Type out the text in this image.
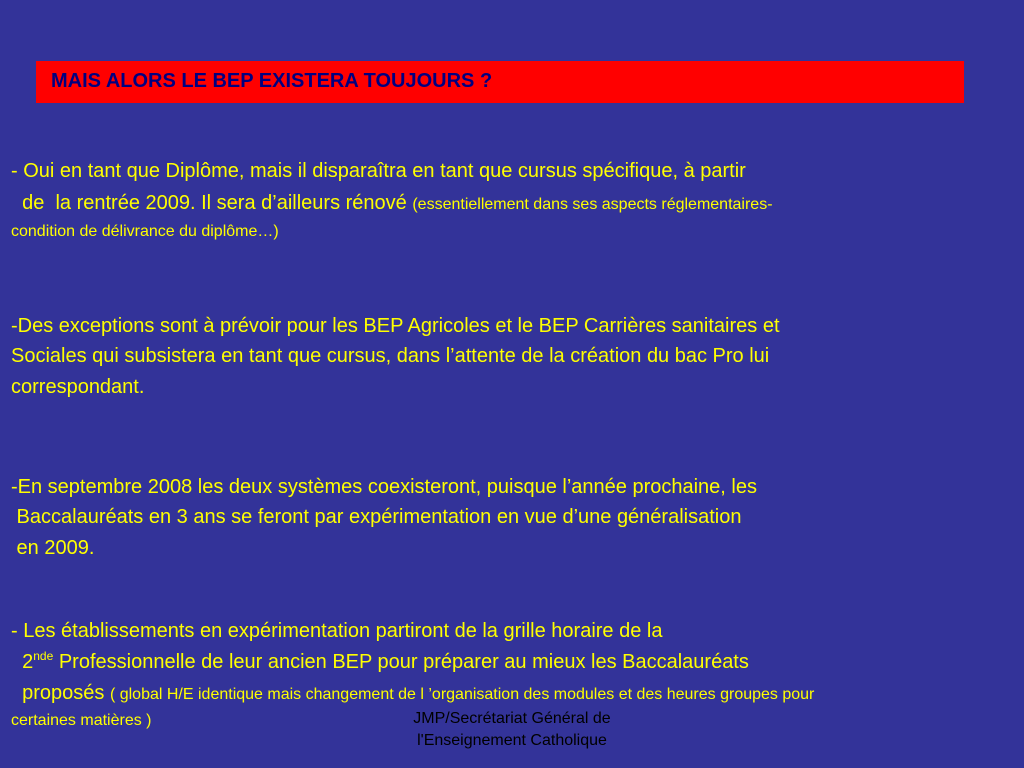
MAIS ALORS LE BEP EXISTERA TOUJOURS ?
- Oui en tant que Diplôme, mais il disparaîtra en tant que cursus spécifique, à partir
de  la rentrée 2009. Il sera d’ailleurs rénové (essentiellement dans ses aspects réglementaires-
condition de délivrance du diplôme…)
-Des exceptions sont à prévoir pour les BEP Agricoles et le BEP Carrières sanitaires et
Sociales qui subsistera en tant que cursus, dans l’attente de la création du bac Pro lui
correspondant.
-En septembre 2008 les deux systèmes coexisteront, puisque l’année prochaine, les
Baccalauréats en 3 ans se feront par expérimentation en vue d’une généralisation
en 2009.
- Les établissements en expérimentation partiront de la grille horaire de la
2nde Professionnelle de leur ancien BEP pour préparer au mieux les Baccalauréats
proposés ( global H/E identique mais changement de l ’organisation des modules et des heures groupes pour
certaines matières )	JMP/Secrétariat Général de
l'Enseignement Catholique
